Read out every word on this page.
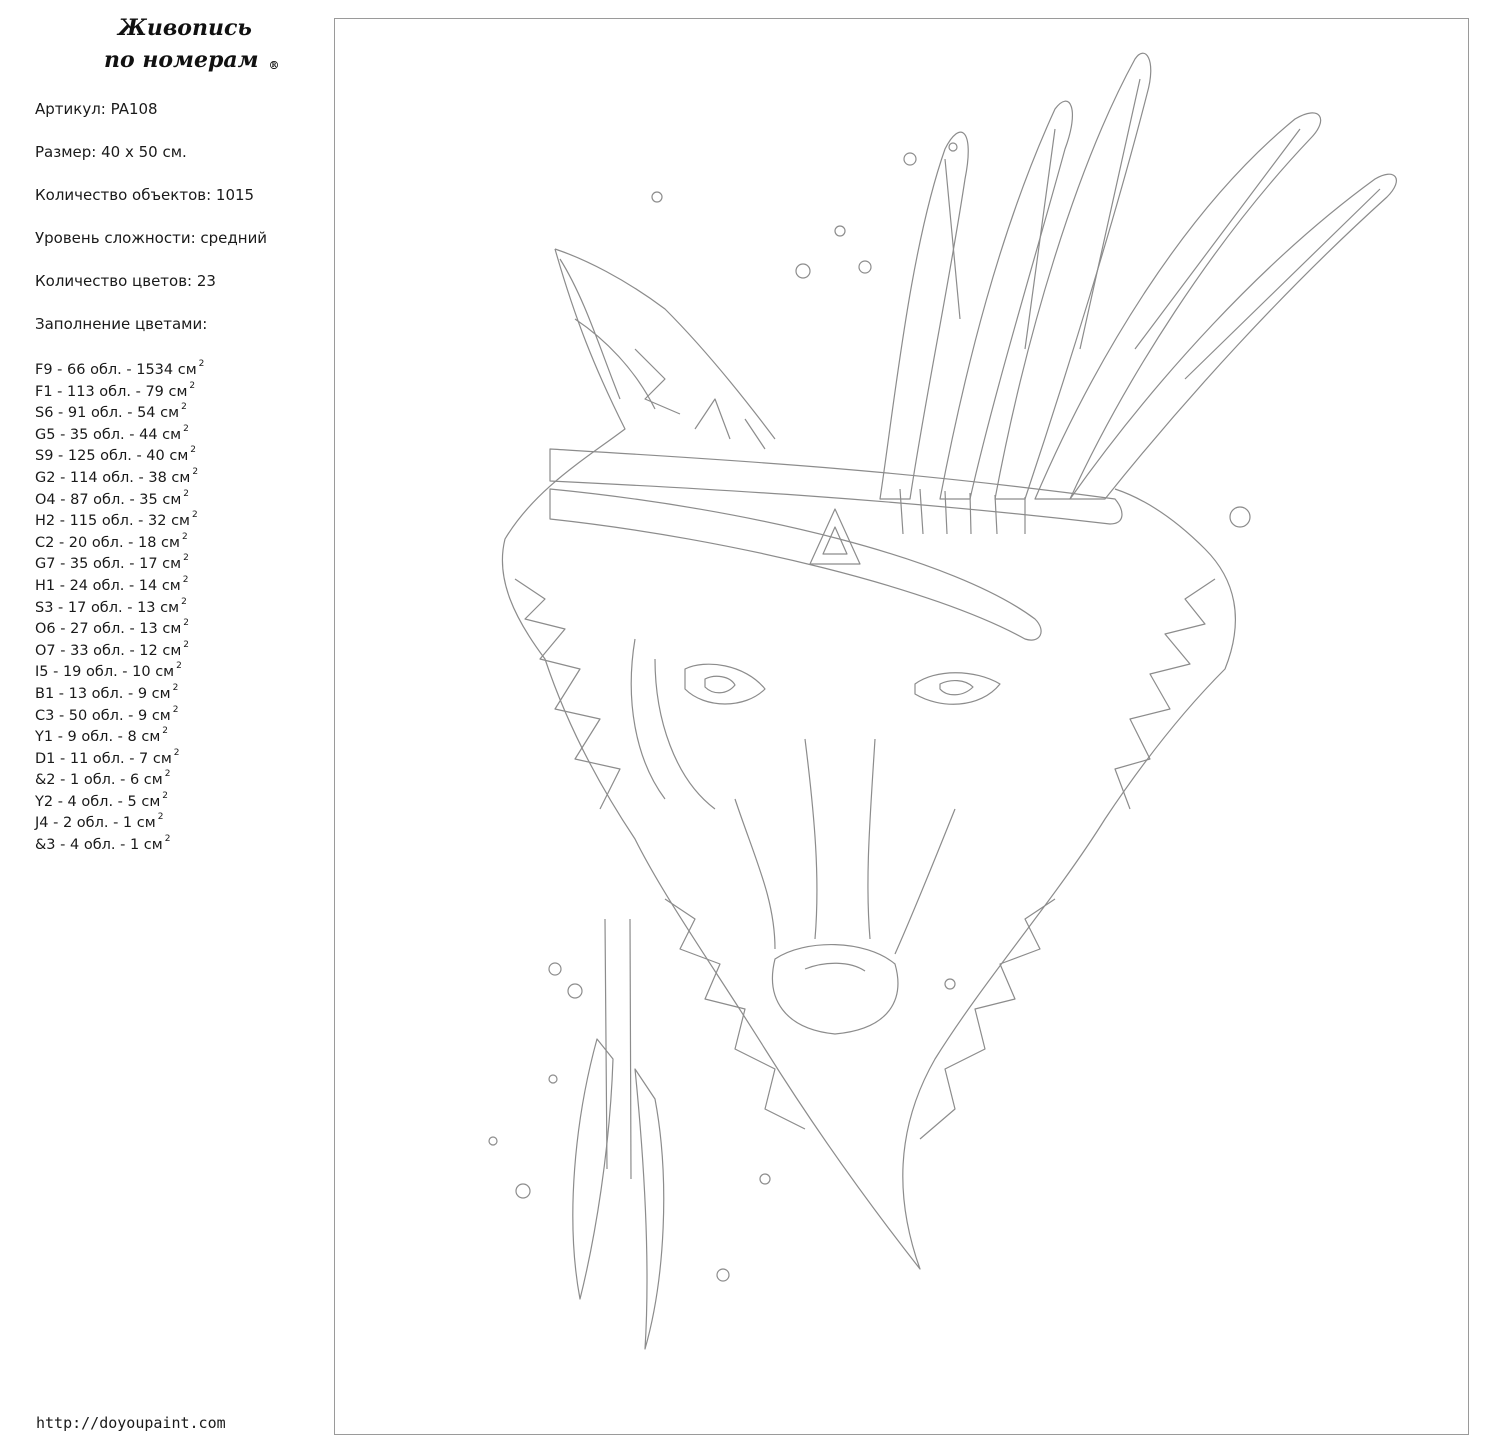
Живопись
по номерам ®
Артикул: PA108
Размер: 40 x 50 см.
Количество объектов: 1015
Уровень сложности: средний
Количество цветов: 23
Заполнение цветами:
F9 - 66 обл. - 1534 см $^2$
F1 - 113 обл. - 79 см $^2$
S6 - 91 обл. - 54 см $^2$
G5 - 35 обл. - 44 см $^2$
S9 - 125 обл. - 40 см $^2$
G2 - 114 обл. - 38 см $^2$
O4 - 87 обл. - 35 см $^2$
H2 - 115 обл. - 32 см $^2$
C2 - 20 обл. - 18 см $^2$
G7 - 35 обл. - 17 см $^2$
H1 - 24 обл. - 14 см $^2$
S3 - 17 обл. - 13 см $^2$
O6 - 27 обл. - 13 см $^2$
O7 - 33 обл. - 12 см $^2$
I5 - 19 обл. - 10 см $^2$
B1 - 13 обл. - 9 см $^2$
C3 - 50 обл. - 9 см $^2$
Y1 - 9 обл. - 8 см $^2$
D1 - 11 обл. - 7 см $^2$
&2 - 1 обл. - 6 см $^2$
Y2 - 4 обл. - 5 см $^2$
J4 - 2 обл. - 1 см $^2$
&3 - 4 обл. - 1 см $^2$
http://doyoupaint.com
